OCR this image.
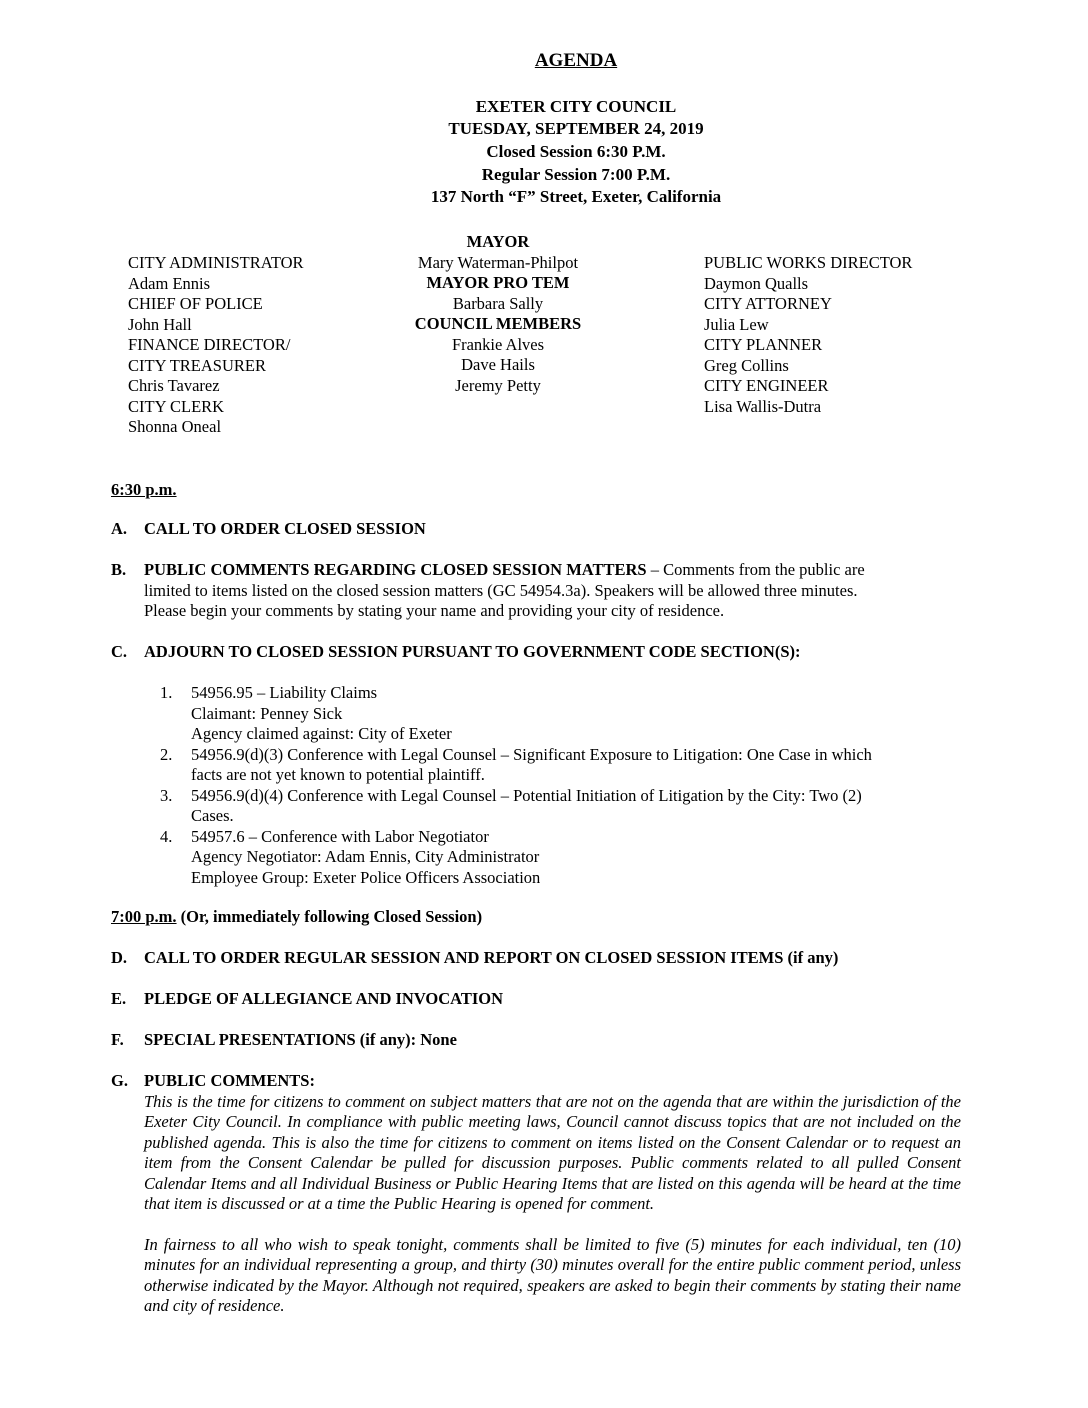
AGENDA
EXETER CITY COUNCIL
TUESDAY, SEPTEMBER 24, 2019
Closed Session 6:30 P.M.
Regular Session 7:00 P.M.
137 North “F” Street, Exeter, California
CITY ADMINISTRATOR
Adam Ennis
CHIEF OF POLICE
John Hall
FINANCE DIRECTOR/
CITY TREASURER
Chris Tavarez
CITY CLERK
Shonna Oneal
MAYOR
Mary Waterman-Philpot
MAYOR PRO TEM
Barbara Sally
COUNCIL MEMBERS
Frankie Alves
Dave Hails
Jeremy Petty
PUBLIC WORKS DIRECTOR
Daymon Qualls
CITY ATTORNEY
Julia Lew
CITY PLANNER
Greg Collins
CITY ENGINEER
Lisa Wallis-Dutra
6:30 p.m.
A. CALL TO ORDER CLOSED SESSION
B. PUBLIC COMMENTS REGARDING CLOSED SESSION MATTERS – Comments from the public are
limited to items listed on the closed session matters (GC 54954.3a). Speakers will be allowed three minutes.
Please begin your comments by stating your name and providing your city of residence.
C. ADJOURN TO CLOSED SESSION PURSUANT TO GOVERNMENT CODE SECTION(S):
1. 54956.95 – Liability Claims
Claimant: Penney Sick
Agency claimed against: City of Exeter
2. 54956.9(d)(3) Conference with Legal Counsel – Significant Exposure to Litigation: One Case in which
facts are not yet known to potential plaintiff.
3. 54956.9(d)(4) Conference with Legal Counsel – Potential Initiation of Litigation by the City: Two (2)
Cases.
4. 54957.6 – Conference with Labor Negotiator
Agency Negotiator: Adam Ennis, City Administrator
Employee Group: Exeter Police Officers Association
7:00 p.m. (Or, immediately following Closed Session)
D. CALL TO ORDER REGULAR SESSION AND REPORT ON CLOSED SESSION ITEMS (if any)
E. PLEDGE OF ALLEGIANCE AND INVOCATION
F. SPECIAL PRESENTATIONS (if any): None
G. PUBLIC COMMENTS:

This is the time for citizens to comment on subject matters that are not on the agenda that are within the jurisdiction of the Exeter City Council. In compliance with public meeting laws, Council cannot discuss topics that are not included on the published agenda. This is also the time for citizens to comment on items listed on the Consent Calendar or to request an item from the Consent Calendar be pulled for discussion purposes. Public comments related to all pulled Consent Calendar Items and all Individual Business or Public Hearing Items that are listed on this agenda will be heard at the time that item is discussed or at a time the Public Hearing is opened for comment.

In fairness to all who wish to speak tonight, comments shall be limited to five (5) minutes for each individual, ten (10) minutes for an individual representing a group, and thirty (30) minutes overall for the entire public comment period, unless otherwise indicated by the Mayor. Although not required, speakers are asked to begin their comments by stating their name and city of residence.
